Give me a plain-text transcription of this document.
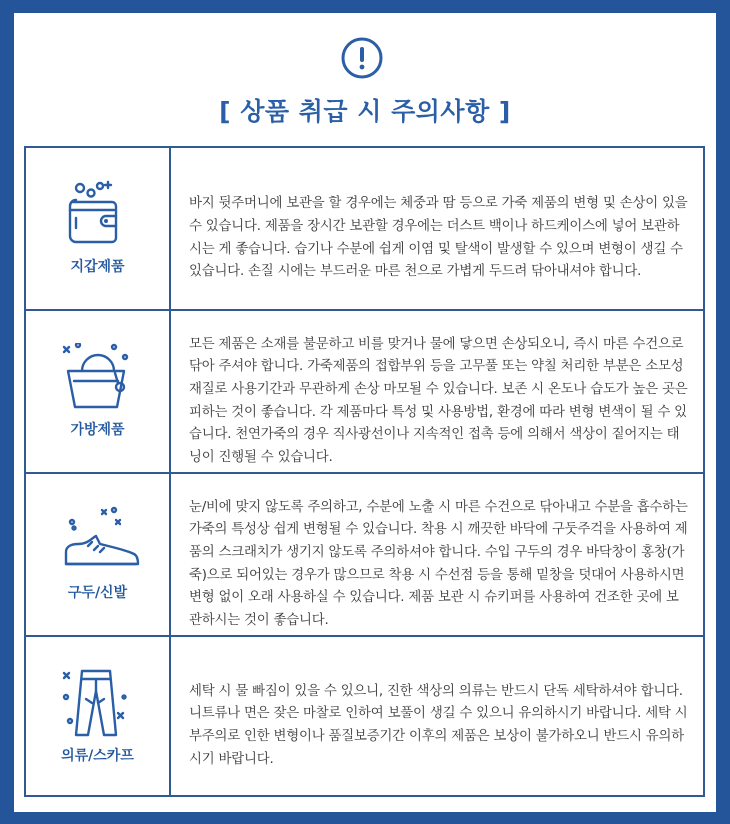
[ 상품 취급 시 주의사항 ]
지갑제품
바지 뒷주머니에 보관을 할 경우에는 체중과 땀 등으로 가죽 제품의 변형 및 손상이 있을 수 있습니다. 제품을 장시간 보관할 경우에는 더스트 백이나 하드케이스에 넣어 보관하시는 게 좋습니다. 습기나 수분에 쉽게 이염 및 탈색이 발생할 수 있으며 변형이 생길 수 있습니다. 손질 시에는 부드러운 마른 천으로 가볍게 두드려 닦아내셔야 합니다.
가방제품
모든 제품은 소재를 불문하고 비를 맞거나 물에 닿으면 손상되오니, 즉시 마른 수건으로 닦아 주셔야 합니다. 가죽제품의 접합부위 등을 고무풀 또는 약칠 처리한 부분은 소모성 재질로 사용기간과 무관하게 손상 마모될 수 있습니다. 보존 시 온도나 습도가 높은 곳은 피하는 것이 좋습니다. 각 제품마다 특성 및 사용방법, 환경에 따라 변형 변색이 될 수 있습니다. 천연가죽의 경우 직사광선이나 지속적인 접촉 등에 의해서 색상이 짙어지는 태닝이 진행될 수 있습니다.
구두/신발
눈/비에 맞지 않도록 주의하고, 수분에 노출 시 마른 수건으로 닦아내고 수분을 흡수하는 가죽의 특성상 쉽게 변형될 수 있습니다. 착용 시 깨끗한 바닥에 구둣주걱을 사용하여 제품의 스크래치가 생기지 않도록 주의하셔야 합니다. 수입 구두의 경우 바닥창이 홍창(가죽)으로 되어있는 경우가 많으므로 착용 시 수선점 등을 통해 밑창을 덧대어 사용하시면 변형 없이 오래 사용하실 수 있습니다. 제품 보관 시 슈키퍼를 사용하여 건조한 곳에 보관하시는 것이 좋습니다.
의류/스카프
세탁 시 물 빠짐이 있을 수 있으니, 진한 색상의 의류는 반드시 단독 세탁하셔야 합니다. 니트류나 면은 잦은 마찰로 인하여 보풀이 생길 수 있으니 유의하시기 바랍니다. 세탁 시 부주의로 인한 변형이나 품질보증기간 이후의 제품은 보상이 불가하오니 반드시 유의하시기 바랍니다.
